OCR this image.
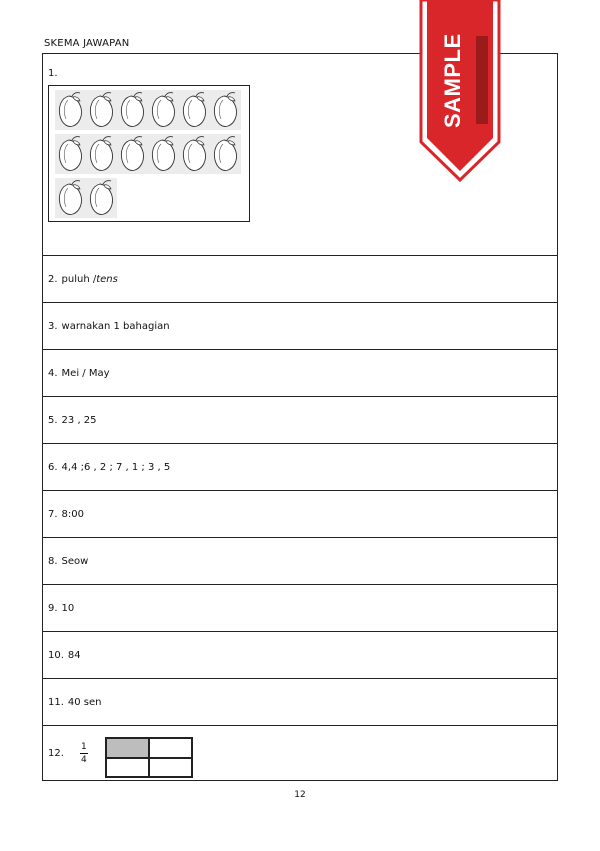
SKEMA JAWAPAN
1.
2. puluh / tens
3. warnakan 1 bahagian
4. Mei / May
5. 23 , 25
6. 4,4 ;6 , 2 ; 7 , 1 ; 3 , 5
7. 8:00
8. Seow
9. 10
10. 84
11. 40 sen
12. $\frac{1}{4}$
12
SAMPLE
